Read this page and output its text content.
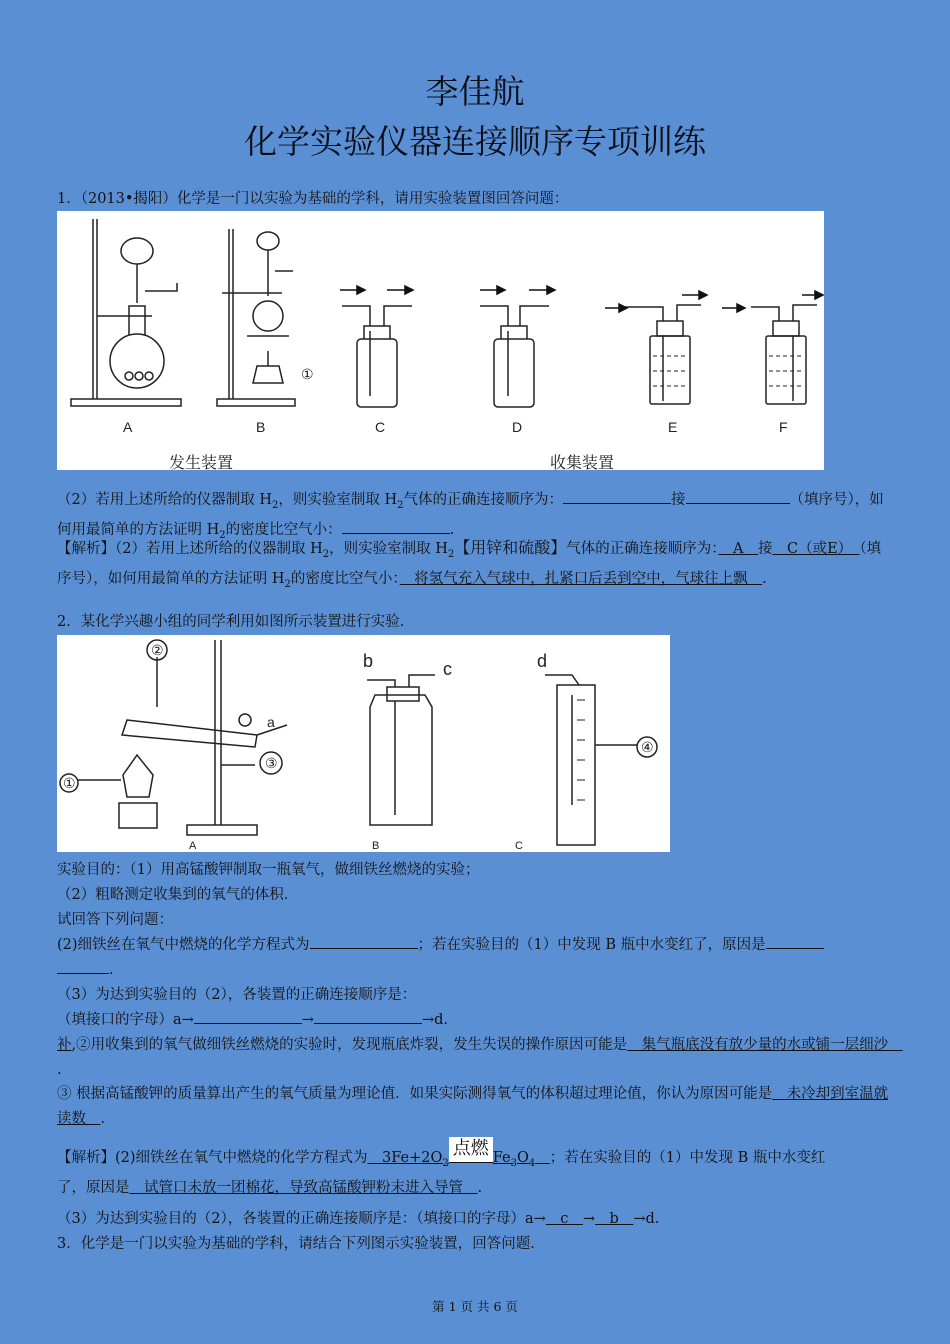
李佳航
化学实验仪器连接顺序专项训练
1．（2013•揭阳）化学是一门以实验为基础的学科，请用实验装置图回答问题：
A	B	C	D	E	F
①
发生装置	收集装置
（2）若用上述所给的仪器制取 $H_2$，则实验室制取 $H_2$气体的正确连接顺序为：	接	（填序号），如何用最简单的方法证明 $H_2$的密度比空气小：	.
【解析】（2）若用上述所给的仪器制取 $H_2$，则实验室制取 $H_2$【用锌和硫酸】气体的正确连接顺序为：　A　接　C（或E）　（填序号），如何用最简单的方法证明 $H_2$的密度比空气小：　将氢气充入气球中，扎紧口后丢到空中，气球往上飘　.
2．某化学兴趣小组的同学利用如图所示装置进行实验．
A	B	C
②
a
③
①
b	c	d
④
实验目的：（1）用高锰酸钾制取一瓶氧气，做细铁丝燃烧的实验；
（2）粗略测定收集到的氧气的体积．
试回答下列问题：
(2)细铁丝在氧气中燃烧的化学方程式为	；若在实验目的（1）中发现 B 瓶中水变红了，原因是
.
（3）为达到实验目的（2），各装置的正确连接顺序是：
（填接口的字母）a→	→	→d.
补,②用收集到的氧气做细铁丝燃烧的实验时，发现瓶底炸裂，发生失误的操作原因可能是　集气瓶底没有放少量的水或铺一层细沙　.
③ 根据高锰酸钾的质量算出产生的氧气质量为理论值．如果实际测得氧气的体积超过理论值，你认为原因可能是　未冷却到室温就读数　.
【解析】(2)细铁丝在氧气中燃烧的化学方程式为　$3Fe+2O_2$点燃 $Fe_3O_4$　 ；若在实验目的（1）中发现 B 瓶中水变红
了，原因是　试管口未放一团棉花，导致高锰酸钾粉末进入导管　.
（3）为达到实验目的（2），各装置的正确连接顺序是：（填接口的字母）a→　c　→　b　→d.
3．化学是一门以实验为基础的学科，请结合下列图示实验装置，回答问题．
第 1 页 共 6 页
